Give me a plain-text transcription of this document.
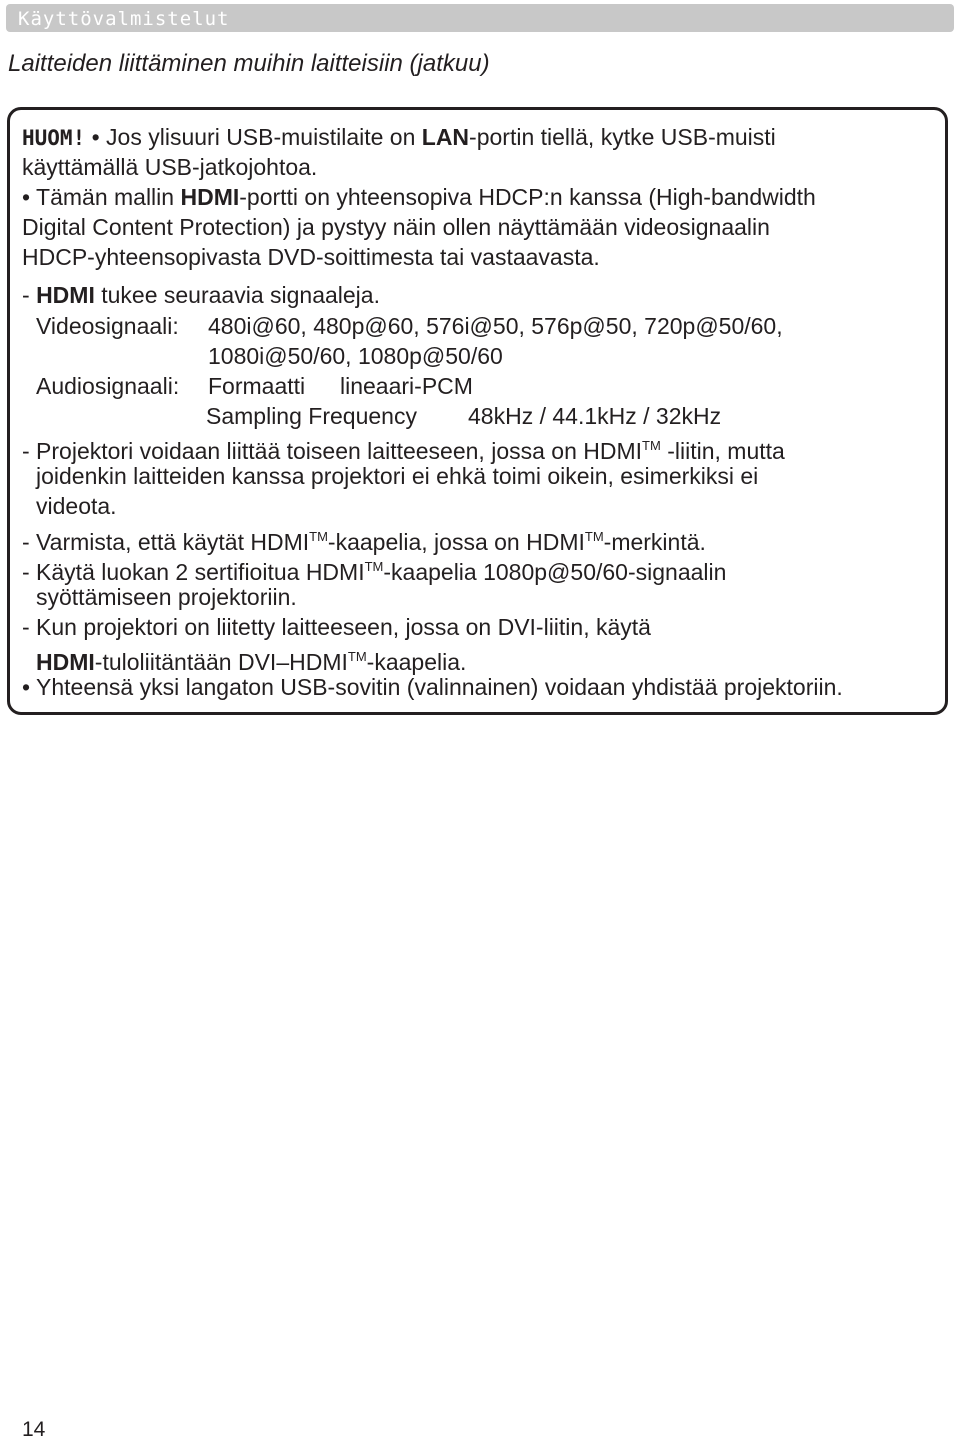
Käyttövalmistelut
Laitteiden liittäminen muihin laitteisiin (jatkuu)
HUOM! • Jos ylisuuri USB-muistilaite on LAN-portin tiellä, kytke USB-muisti
käyttämällä USB-jatkojohtoa.
• Tämän mallin HDMI-portti on yhteensopiva HDCP:n kanssa (High-bandwidth
Digital Content Protection) ja pystyy näin ollen näyttämään videosignaalin
HDCP-yhteensopivasta DVD-soittimesta tai vastaavasta.
- HDMI tukee seuraavia signaaleja.
Videosignaali: 480i@60, 480p@60, 576i@50, 576p@50, 720p@50/60,
1080i@50/60, 1080p@50/60
Audiosignaali: Formaatti lineaari-PCM
Sampling Frequency 48kHz / 44.1kHz / 32kHz
- Projektori voidaan liittää toiseen laitteeseen, jossa on HDMI™ -liitin, mutta
joidenkin laitteiden kanssa projektori ei ehkä toimi oikein, esimerkiksi ei
videota.
- Varmista, että käytät HDMI™-kaapelia, jossa on HDMI™-merkintä.
- Käytä luokan 2 sertifioitua HDMI™-kaapelia 1080p@50/60-signaalin
syöttämiseen projektoriin.
- Kun projektori on liitetty laitteeseen, jossa on DVI-liitin, käytä
HDMI-tuloliitäntään DVI–HDMI™-kaapelia.
• Yhteensä yksi langaton USB-sovitin (valinnainen) voidaan yhdistää projektoriin.
14
